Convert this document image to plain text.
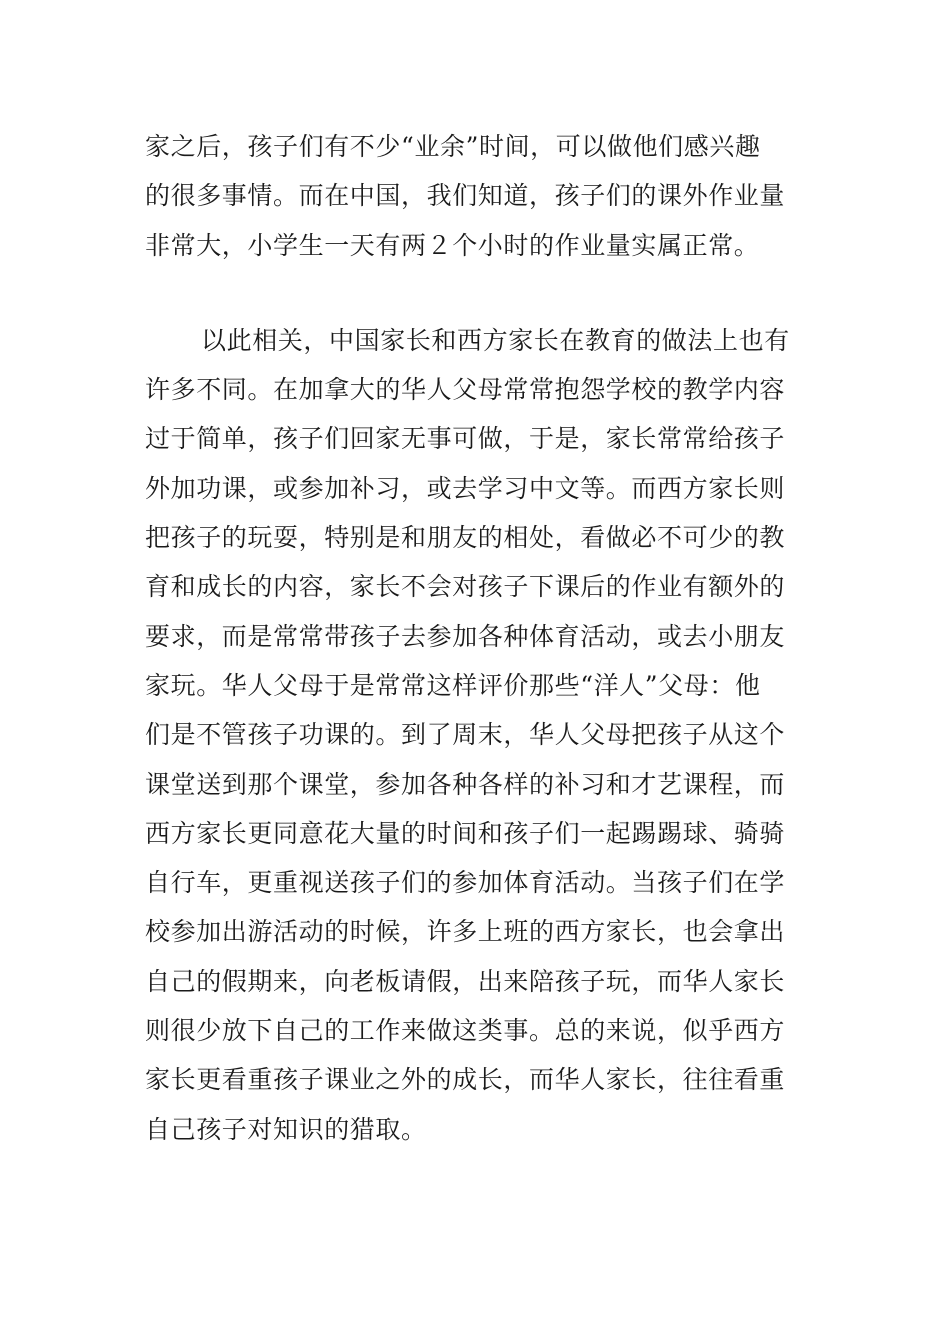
家之后，孩子们有不少“业余”时间，可以做他们感兴趣
的很多事情。而在中国，我们知道，孩子们的课外作业量
非常大，小学生一天有两２个小时的作业量实属正常。
以此相关，中国家长和西方家长在教育的做法上也有
许多不同。在加拿大的华人父母常常抱怨学校的教学内容
过于简单，孩子们回家无事可做，于是，家长常常给孩子
外加功课，或参加补习，或去学习中文等。而西方家长则
把孩子的玩耍，特别是和朋友的相处，看做必不可少的教
育和成长的内容，家长不会对孩子下课后的作业有额外的
要求，而是常常带孩子去参加各种体育活动，或去小朋友
家玩。华人父母于是常常这样评价那些“洋人”父母：他
们是不管孩子功课的。到了周末，华人父母把孩子从这个
课堂送到那个课堂，参加各种各样的补习和才艺课程，而
西方家长更同意花大量的时间和孩子们一起踢踢球、骑骑
自行车，更重视送孩子们的参加体育活动。当孩子们在学
校参加出游活动的时候，许多上班的西方家长，也会拿出
自己的假期来，向老板请假，出来陪孩子玩，而华人家长
则很少放下自己的工作来做这类事。总的来说，似乎西方
家长更看重孩子课业之外的成长，而华人家长，往往看重
自己孩子对知识的猎取。
